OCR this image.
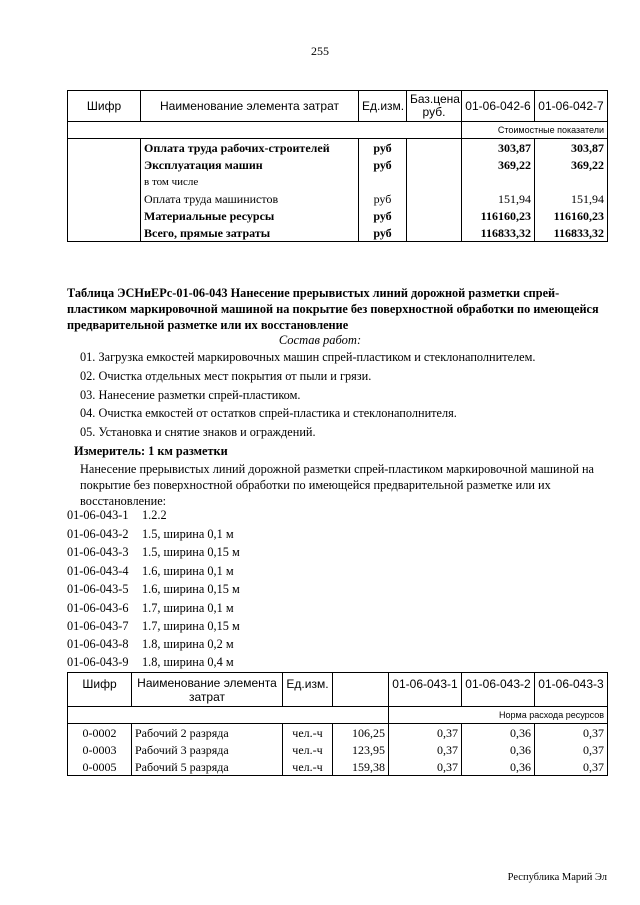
255
Шифр	Наименование элемента затрат	Ед.изм.	Баз.цена руб.	01-06-042-6	01-06-042-7
				Стоимостные показатели	
	Оплата труда рабочих-строителей	руб		303,87	303,87
	Эксплуатация машин	руб		369,22	369,22
	в том числе				
	Оплата труда машинистов	руб		151,94	151,94
	Материальные ресурсы	руб		116160,23	116160,23
	Всего, прямые затраты	руб		116833,32	116833,32
Таблица ЭСНиЕРс-01-06-043 Нанесение прерывистых линий дорожной разметки спрей-пластиком маркировочной машиной на покрытие без поверхностной обработки по имеющейся предварительной разметке или их восстановление
Состав работ:
01. Загрузка емкостей маркировочных машин спрей-пластиком и стеклонаполнителем.
02. Очистка отдельных мест покрытия от пыли и грязи.
03. Нанесение разметки спрей-пластиком.
04. Очистка емкостей от остатков спрей-пластика и стеклонаполнителя.
05. Установка и снятие знаков и ограждений.
Измеритель: 1 км разметки
Нанесение прерывистых линий дорожной разметки спрей-пластиком маркировочной машиной на покрытие без поверхностной обработки по имеющейся предварительной разметке или их восстановление:
01-06-043-1 1.2.2
01-06-043-2 1.5, ширина 0,1 м
01-06-043-3 1.5, ширина 0,15 м
01-06-043-4 1.6, ширина 0,1 м
01-06-043-5 1.6, ширина 0,15 м
01-06-043-6 1.7, ширина 0,1 м
01-06-043-7 1.7, ширина 0,15 м
01-06-043-8 1.8, ширина 0,2 м
01-06-043-9 1.8, ширина 0,4 м
Шифр	Наименование элемента затрат	Ед.изм.		01-06-043-1	01-06-043-2	01-06-043-3
				Норма расхода ресурсов		
0-0002	Рабочий 2 разряда	чел.-ч	106,25	0,37	0,36	0,37
0-0003	Рабочий 3 разряда	чел.-ч	123,95	0,37	0,36	0,37
0-0005	Рабочий 5 разряда	чел.-ч	159,38	0,37	0,36	0,37
Республика Марий Эл
